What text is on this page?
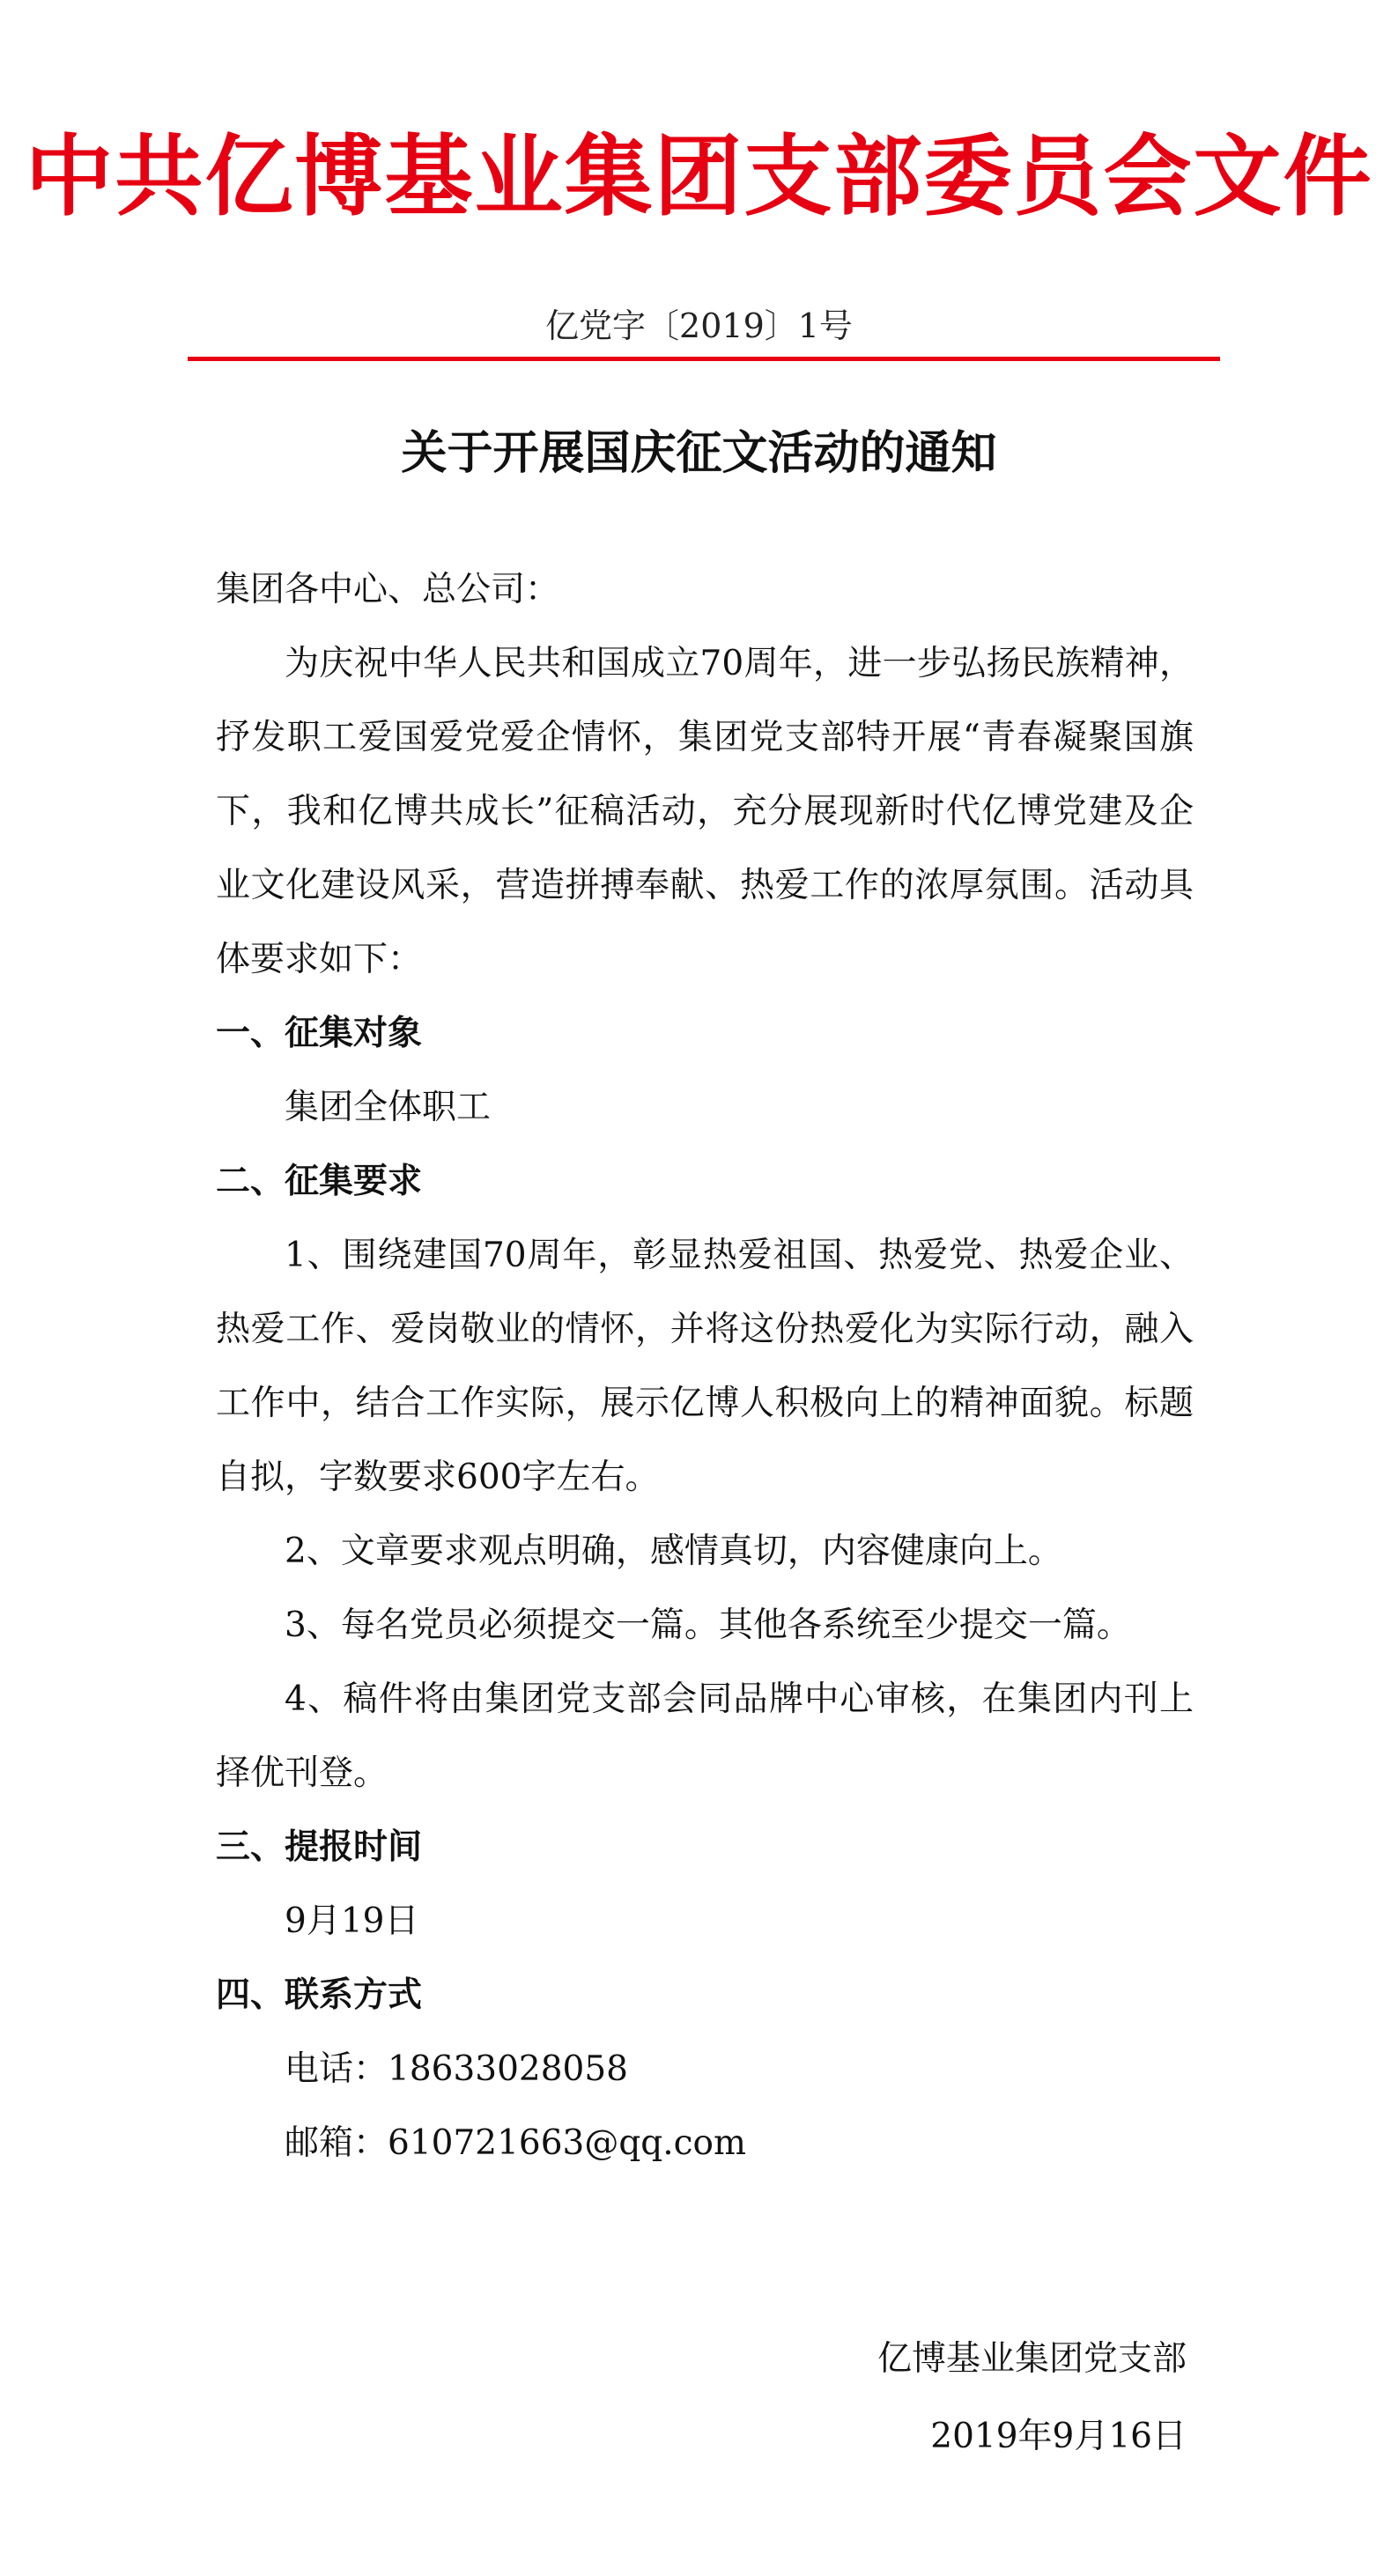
中共亿博基业集团支部委员会文件
亿党字〔2019〕1号
关于开展国庆征文活动的通知

集团各中心、总公司：

为庆祝中华人民共和国成立70周年，进一步弘扬民族精神，抒发职工爱国爱党爱企情怀，集团党支部特开展“青春凝聚国旗下，我和亿博共成长”征稿活动，充分展现新时代亿博党建及企业文化建设风采，营造拼搏奉献、热爱工作的浓厚氛围。活动具体要求如下：

一、征集对象

集团全体职工

二、征集要求

1、围绕建国70周年，彰显热爱祖国、热爱党、热爱企业、热爱工作、爱岗敬业的情怀，并将这份热爱化为实际行动，融入工作中，结合工作实际，展示亿博人积极向上的精神面貌。标题自拟，字数要求600字左右。

2、文章要求观点明确，感情真切，内容健康向上。

3、每名党员必须提交一篇。其他各系统至少提交一篇。

4、稿件将由集团党支部会同品牌中心审核，在集团内刊上择优刊登。

三、提报时间

9月19日

四、联系方式

电话：18633028058

邮箱：610721663@qq.com

亿博基业集团党支部
2019年9月16日
